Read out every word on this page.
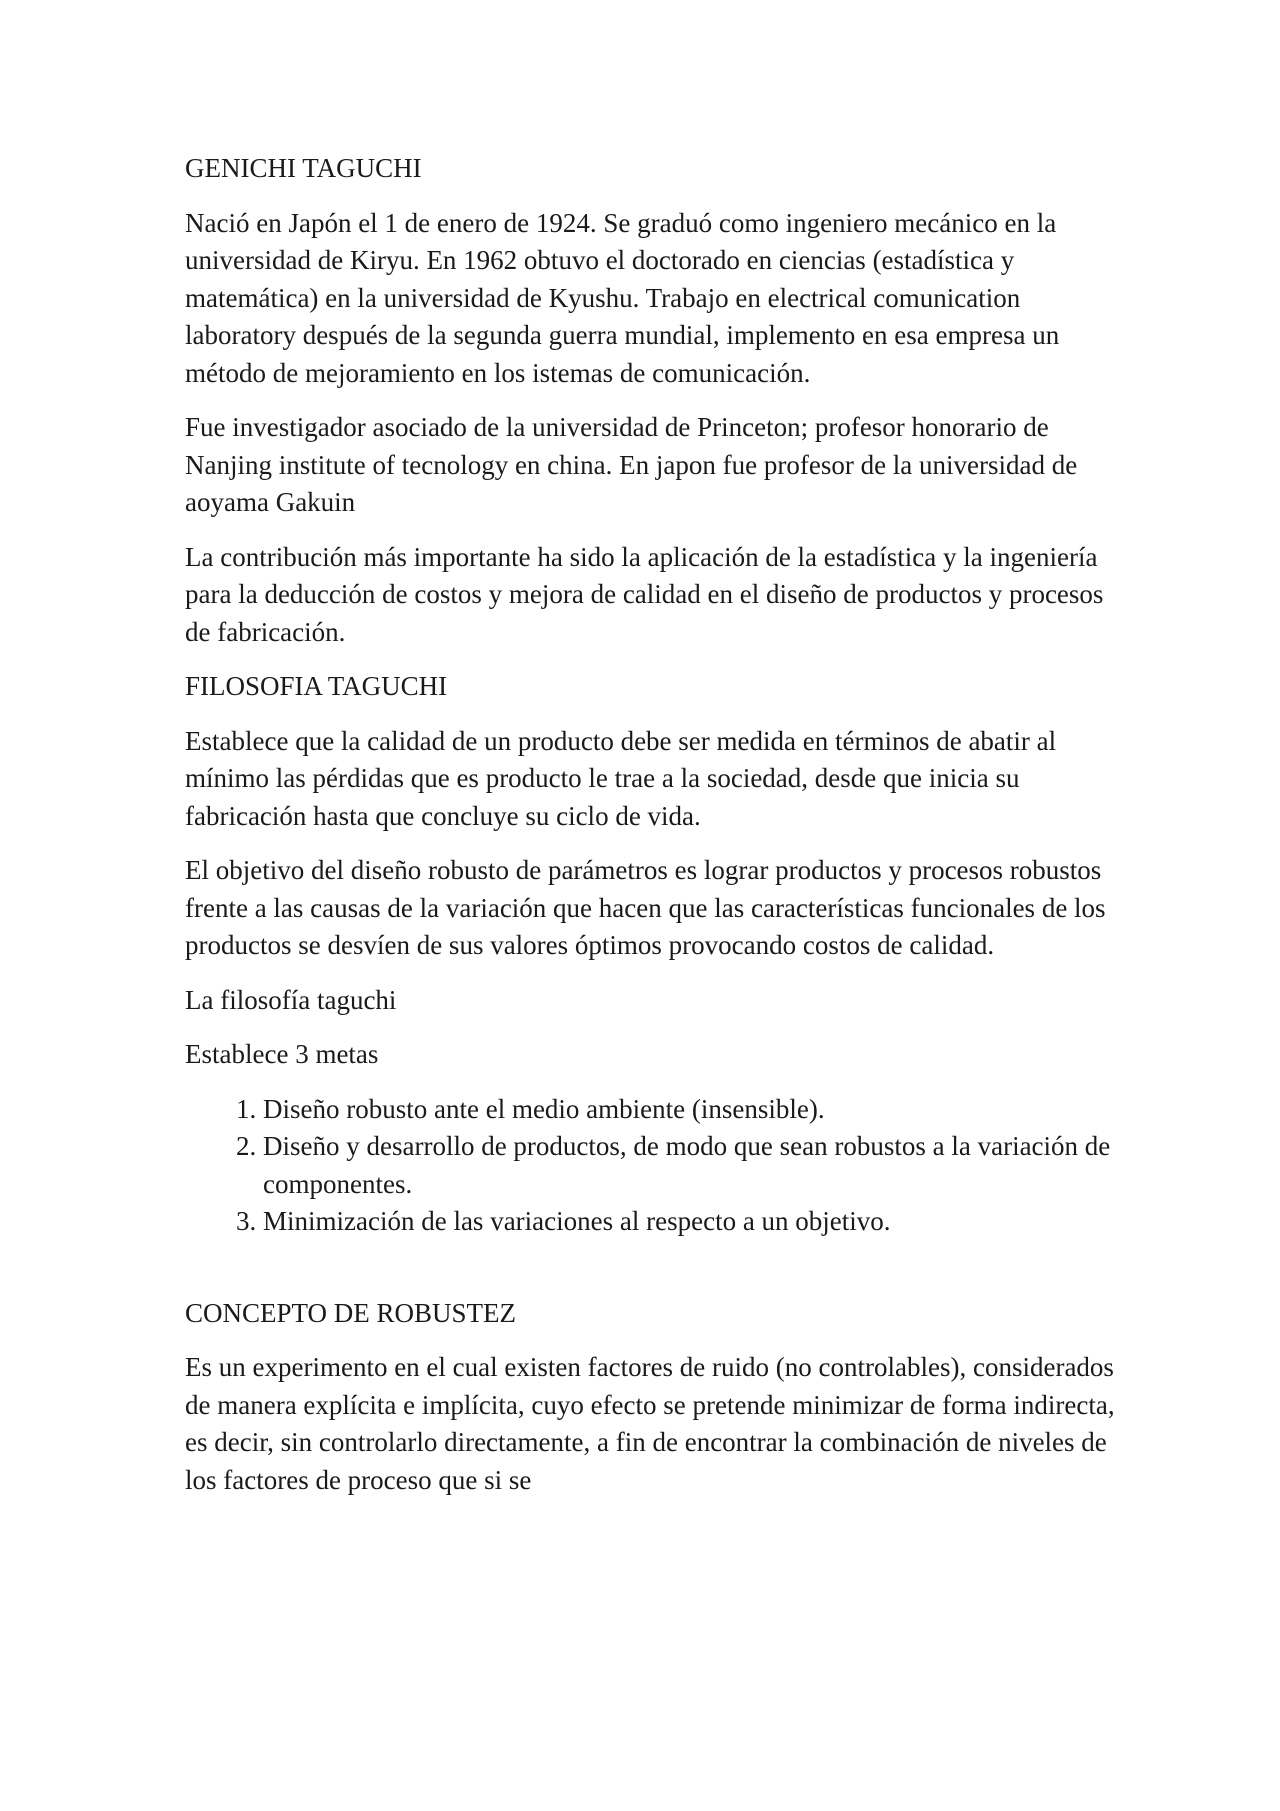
GENICHI TAGUCHI

Nació en Japón el 1 de enero de 1924. Se graduó como ingeniero mecánico en la universidad de Kiryu. En 1962 obtuvo el doctorado en ciencias (estadística y matemática) en la universidad de Kyushu. Trabajo en electrical comunication laboratory después de la segunda guerra mundial, implemento en esa empresa un método de mejoramiento en los istemas de comunicación.

Fue investigador asociado de la universidad de Princeton; profesor honorario de Nanjing institute of tecnology en china. En japon fue profesor de la universidad de aoyama Gakuin

La contribución más importante ha sido la aplicación de la estadística y la ingeniería para la deducción de costos y mejora de calidad en el diseño de productos y procesos de fabricación.

FILOSOFIA TAGUCHI

Establece que la calidad de un producto debe ser medida en términos de abatir al mínimo las pérdidas que es producto le trae a la sociedad, desde que inicia su fabricación hasta que concluye su ciclo de vida.

El objetivo del diseño robusto de parámetros es lograr productos y procesos robustos frente a las causas de la variación que hacen que las características funcionales de los productos se desvíen de sus valores óptimos provocando costos de calidad.

La filosofía taguchi

Establece 3 metas

1. Diseño robusto ante el medio ambiente (insensible).
2. Diseño y desarrollo de productos, de modo que sean robustos a la variación de componentes.
3. Minimización de las variaciones al respecto a un objetivo.

CONCEPTO DE ROBUSTEZ

Es un experimento en el cual existen factores de ruido (no controlables), considerados de manera explícita e implícita, cuyo efecto se pretende minimizar de forma indirecta, es decir, sin controlarlo directamente, a fin de encontrar la combinación de niveles de los factores de proceso que si se
